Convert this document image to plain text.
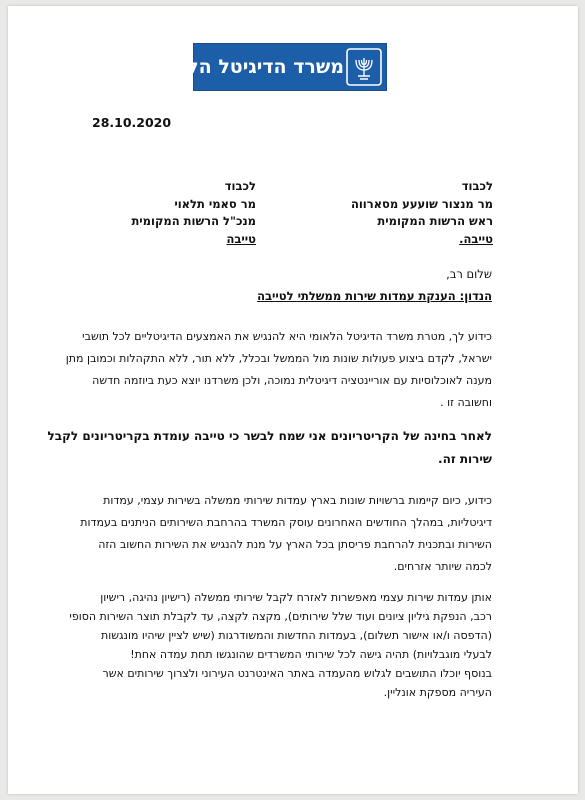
משרד הדיגיטל הלאומי
28.10.2020
לכבוד
מר סאמי תלאוי
מנכ"ל הרשות המקומית
טייבה
לכבוד
מר מנצור שועעע מסארווה
ראש הרשות המקומית
טייבה.
שלום רב,
הנדון: הענקת עמדות שירות ממשלתי לטייבה
כידוע לך, מטרת משרד הדיגיטל הלאומי היא להנגיש את האמצעים הדיגיטליים לכל תושבי
ישראל, לקדם ביצוע פעולות שונות מול הממשל ובכלל, ללא תור, ללא התקהלות וכמובן מתן
מענה לאוכלוסיות עם אוריינטציה דיגיטלית נמוכה, ולכן משרדנו יוצא כעת ביוזמה חדשה
וחשובה זו .
לאחר בחינה של הקריטריונים אני שמח לבשר כי טייבה עומדת בקריטריונים לקבל
שירות זה.
כידוע, כיום קיימות ברשויות שונות בארץ עמדות שירותי ממשלה בשירות עצמי, עמדות
דיגיטליות, במהלך החודשים האחרונים עוסק המשרד בהרחבת השירותים הניתנים בעמדות
השירות ובתכנית להרחבת פריסתן בכל הארץ על מנת להנגיש את השירות החשוב הזה
לכמה שיותר אזרחים.
אותן עמדות שירות עצמי מאפשרות לאזרח לקבל שירותי ממשלה (רישיון נהיגה, רישיון
רכב, הנפקת גיליון ציונים ועוד שלל שירותים), מקצה לקצה, עד לקבלת תוצר השירות הסופי
(הדפסה ו/או אישור תשלום), בעמדות החדשות והמשודרגות (שיש לציין שיהיו מונגשות
לבעלי מוגבלויות) תהיה גישה לכל שירותי המשרדים שהונגשו תחת עמדה אחת!
בנוסף יוכלו התושבים לגלוש מהעמדה באתר האינטרנט העירוני ולצרוך שירותים אשר
העיריה מספקת אונליין.
